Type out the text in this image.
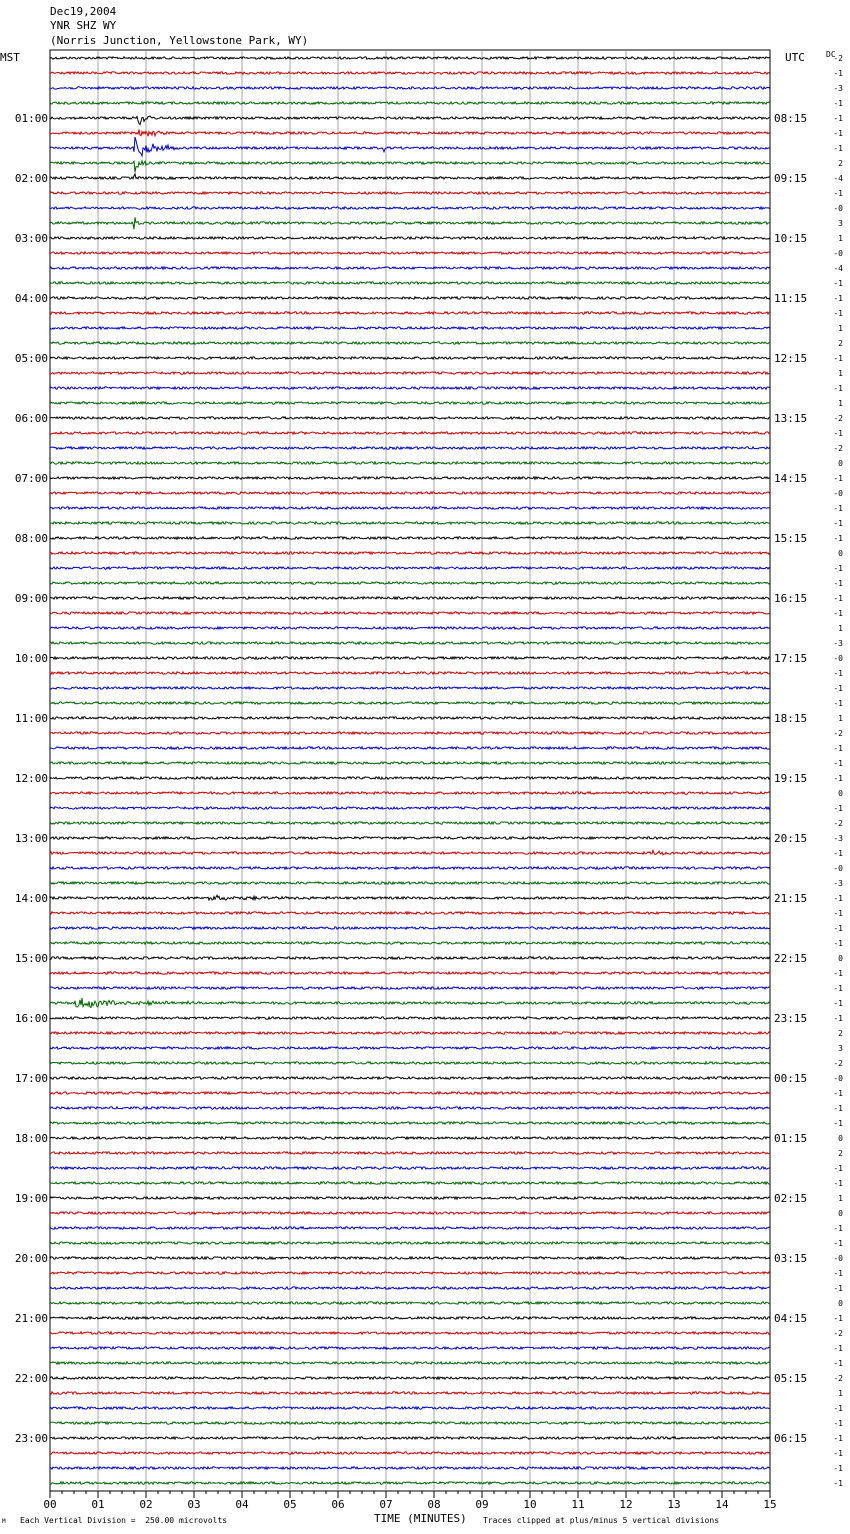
Dec19,2004
YNR SHZ WY
(Norris Junction, Yellowstone Park, WY)
MST	UTC	DC
00	01	02	03	04	05	06	07	08	09	10	11	12	13	14	15
-2
-1
-3
-1
-1
-1
-1
2
-4
-1
-0
3
1
-0
-4
-1
-1
-1
1
2
-1
1
-1
1
-2
-1
-2
0
-1
-0
-1
-1
-1
0
-1
-1
-1
-1
1
-3
-0
-1
-1
-1
1
-2
-1
-1
-1
0
-1
-2
-3
-1
-0
-3
-1
-1
-1
-1
0
-1
-1
-1
-1
2
3
-2
-0
-1
-1
-1
0
2
-1
-1
1
0
-1
-1
-0
-1
-1
0
-1
-2
-1
-1
-2
1
-1
-1
-1
-1
-1
-1
01:00
02:00
03:00
04:00
05:00
06:00
07:00
08:00
09:00
10:00
11:00
12:00
13:00
14:00
15:00
16:00
17:00
18:00
19:00
20:00
21:00
22:00
23:00
08:15
09:15
10:15
11:15
12:15
13:15
14:15
15:15
16:15
17:15
18:15
19:15
20:15
21:15
22:15
23:15
00:15
01:15
02:15
03:15
04:15
05:15
06:15
M Each Vertical Division =  250.00 microvolts	TIME (MINUTES) Traces clipped at plus/minus 5 vertical divisions
